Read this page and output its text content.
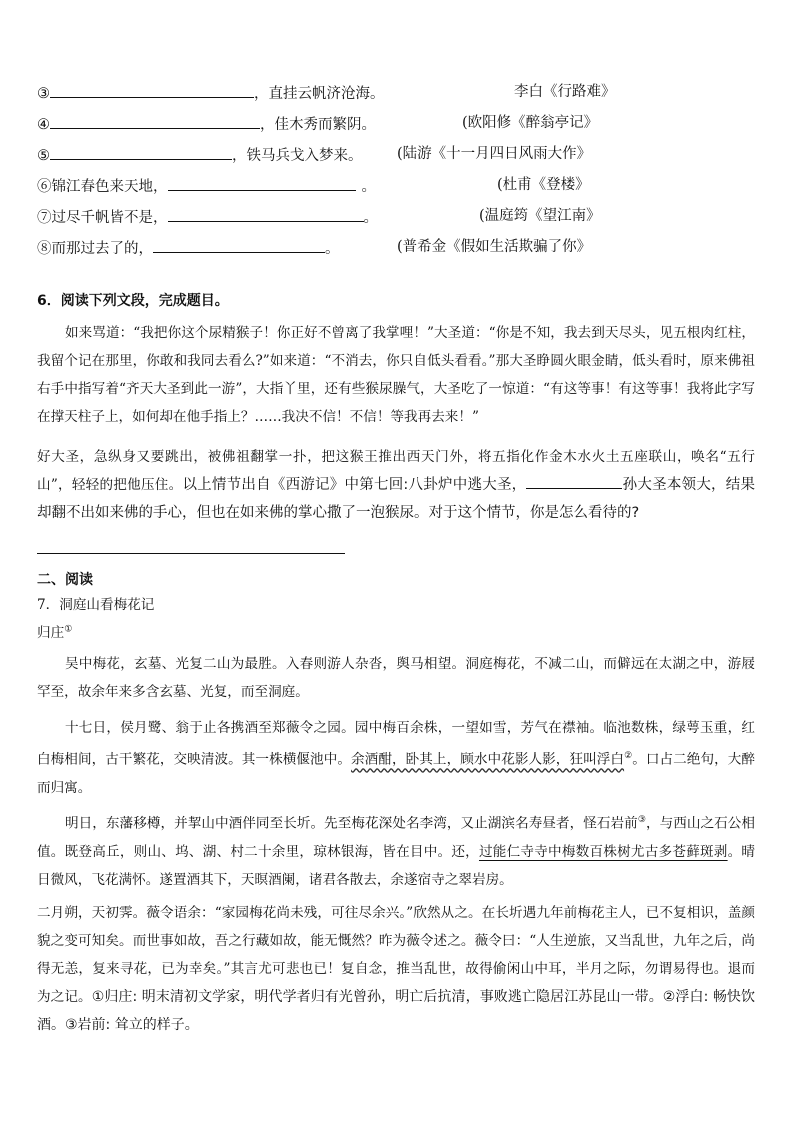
③	，直挂云帆济沧海。	李白《行路难》
④	，佳木秀而繁阴。	(欧阳修《醉翁亭记》
⑤	，铁马兵戈入梦来。 (陆游《十一月四日风雨大作》
⑥锦江春色来天地，	。	(杜甫《登楼》
⑦过尽千帆皆不是，	。	(温庭筠《望江南》
⑧而那过去了的，	。	(普希金《假如生活欺骗了你》
6．阅读下列文段，完成题目。
如来骂道：“我把你这个尿精猴子！你正好不曾离了我掌哩！”大圣道：“你是不知，我去到天尽头，见五根肉红柱，我留个记在那里，你敢和我同去看么?”如来道：“不消去，你只自低头看看。”那大圣睁圆火眼金睛，低头看时，原来佛祖右手中指写着“齐天大圣到此一游”，大指丫里，还有些猴尿臊气，大圣吃了一惊道：“有这等事！有这等事！我将此字写在撑天柱子上，如何却在他手指上？……我决不信！不信！等我再去来！”
好大圣，急纵身又要跳出，被佛祖翻掌一扑，把这猴王推出西天门外，将五指化作金木水火土五座联山，唤名“五行山”，轻轻的把他压住。以上情节出自《西游记》中第七回:八卦炉中逃大圣，	孙大圣本领大，结果却翻不出如来佛的手心，但也在如来佛的掌心撒了一泡猴尿。对于这个情节，你是怎么看待的?
二、阅读
7．洞庭山看梅花记
归庄①
吴中梅花，玄墓、光复二山为最胜。入春则游人杂沓，舆马相望。洞庭梅花，不减二山，而僻远在太湖之中，游屐罕至，故余年来多含玄墓、光复，而至洞庭。
十七日，侯月鹭、翁于止各携酒至郑薇令之园。园中梅百余株，一望如雪，芳气在襟袖。临池数株，绿萼玉重，红白梅相间，古干繁花，交映清波。其一株横偃池中。余酒酣，卧其上，顾水中花影人影，狂叫浮白②。口占二绝句，大醉而归寓。
明日，东藩移樽，并挈山中酒伴同至长圻。先至梅花深处名李湾，又止湖滨名寿昼者，怪石岩前③，与西山之石公相值。既登高丘，则山、坞、湖、村二十余里，琼林银海，皆在目中。还，过能仁寺寺中梅数百株树尤古多苍藓斑剥。晴日微风，飞花满怀。遂置酒其下，天暝酒阑，诸君各散去，余遂宿寺之翠岩房。
二月朔，天初霁。薇令语余：“家园梅花尚未残，可往尽余兴。”欣然从之。在长圻遇九年前梅花主人，已不复相识，盖颜貌之变可知矣。而世事如故，吾之行藏如故，能无慨然？昨为薇令述之。薇令曰：“人生逆旅，又当乱世，九年之后，尚得无恙，复来寻花，已为幸矣。”其言尤可悲也已！复自念，推当乱世，故得偷闲山中耳，半月之际，勿谓易得也。退而为之记。①归庄: 明末清初文学家，明代学者归有光曾孙，明亡后抗清，事败逃亡隐居江苏昆山一带。②浮白: 畅快饮酒。③岩前: 耸立的样子。
